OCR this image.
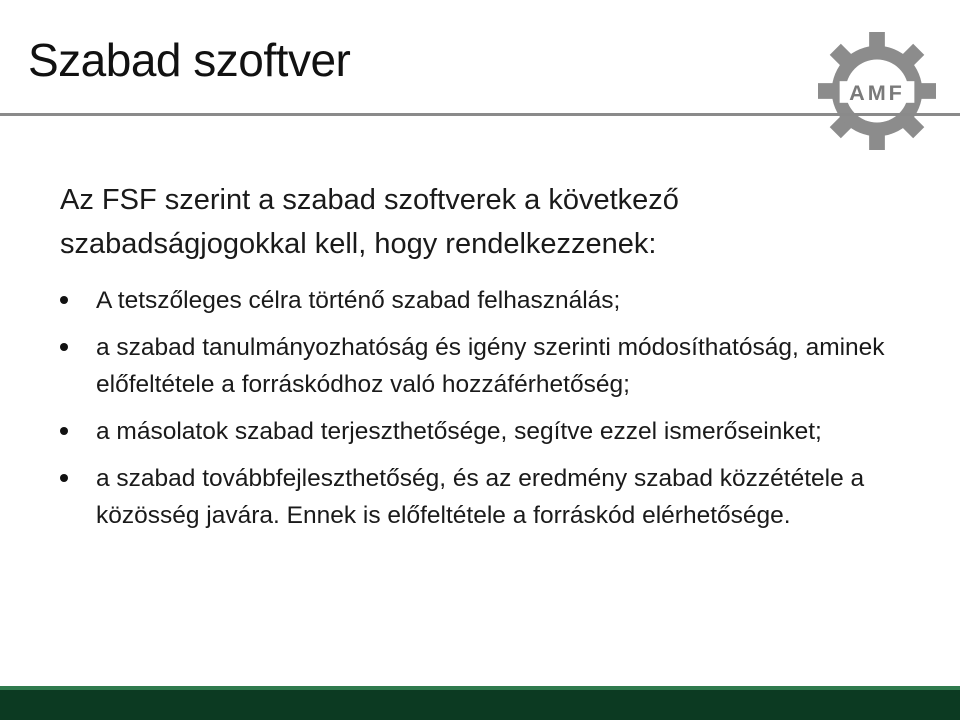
Szabad szoftver
AMF
Az FSF szerint a szabad szoftverek a következő szabadságjogokkal kell, hogy rendelkezzenek:
A tetszőleges célra történő szabad felhasználás;
a szabad tanulmányozhatóság és igény szerinti módosíthatóság, aminek előfeltétele a forráskódhoz való hozzáférhetőség;
a másolatok szabad terjeszthetősége, segítve ezzel ismerőseinket;
a szabad továbbfejleszthetőség, és az eredmény szabad közzététele a közösség javára. Ennek is előfeltétele a forráskód elérhetősége.
